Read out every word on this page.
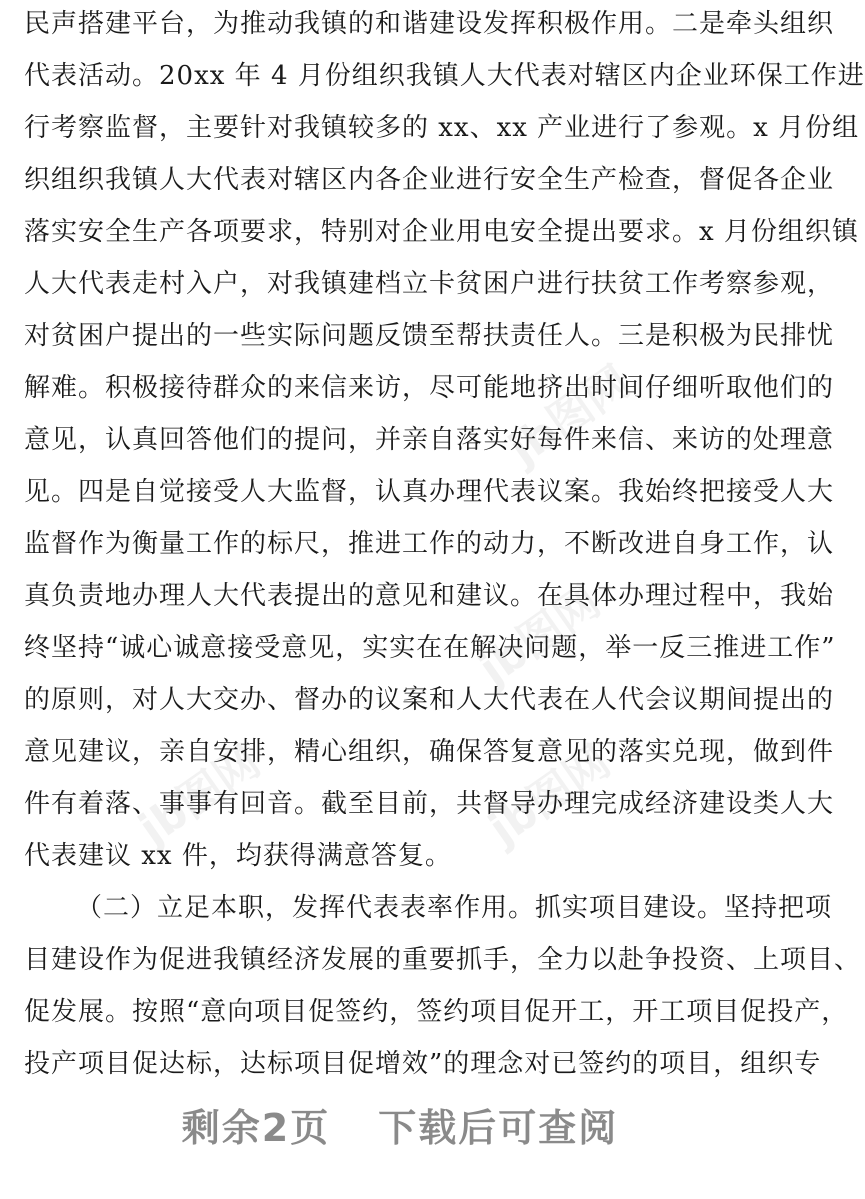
jb图网
jb图网
jb图网	jb图网
民声搭建平台，为推动我镇的和谐建设发挥积极作用。二是牵头组织
代表活动。20xx 年 4 月份组织我镇人大代表对辖区内企业环保工作进
行考察监督，主要针对我镇较多的 xx、xx 产业进行了参观。x 月份组
织组织我镇人大代表对辖区内各企业进行安全生产检查，督促各企业
落实安全生产各项要求，特别对企业用电安全提出要求。x 月份组织镇
人大代表走村入户，对我镇建档立卡贫困户进行扶贫工作考察参观，
对贫困户提出的一些实际问题反馈至帮扶责任人。三是积极为民排忧
解难。积极接待群众的来信来访，尽可能地挤出时间仔细听取他们的
意见，认真回答他们的提问，并亲自落实好每件来信、来访的处理意
见。四是自觉接受人大监督，认真办理代表议案。我始终把接受人大
监督作为衡量工作的标尺，推进工作的动力，不断改进自身工作，认
真负责地办理人大代表提出的意见和建议。在具体办理过程中，我始
终坚持“诚心诚意接受意见，实实在在解决问题，举一反三推进工作”
的原则，对人大交办、督办的议案和人大代表在人代会议期间提出的
意见建议，亲自安排，精心组织，确保答复意见的落实兑现，做到件
件有着落、事事有回音。截至目前，共督导办理完成经济建设类人大
代表建议 xx 件，均获得满意答复。
（二）立足本职，发挥代表表率作用。抓实项目建设。坚持把项
目建设作为促进我镇经济发展的重要抓手，全力以赴争投资、上项目、
促发展。按照“意向项目促签约，签约项目促开工，开工项目促投产，
投产项目促达标，达标项目促增效”的理念对已签约的项目，组织专
剩余2页 下载后可查阅
